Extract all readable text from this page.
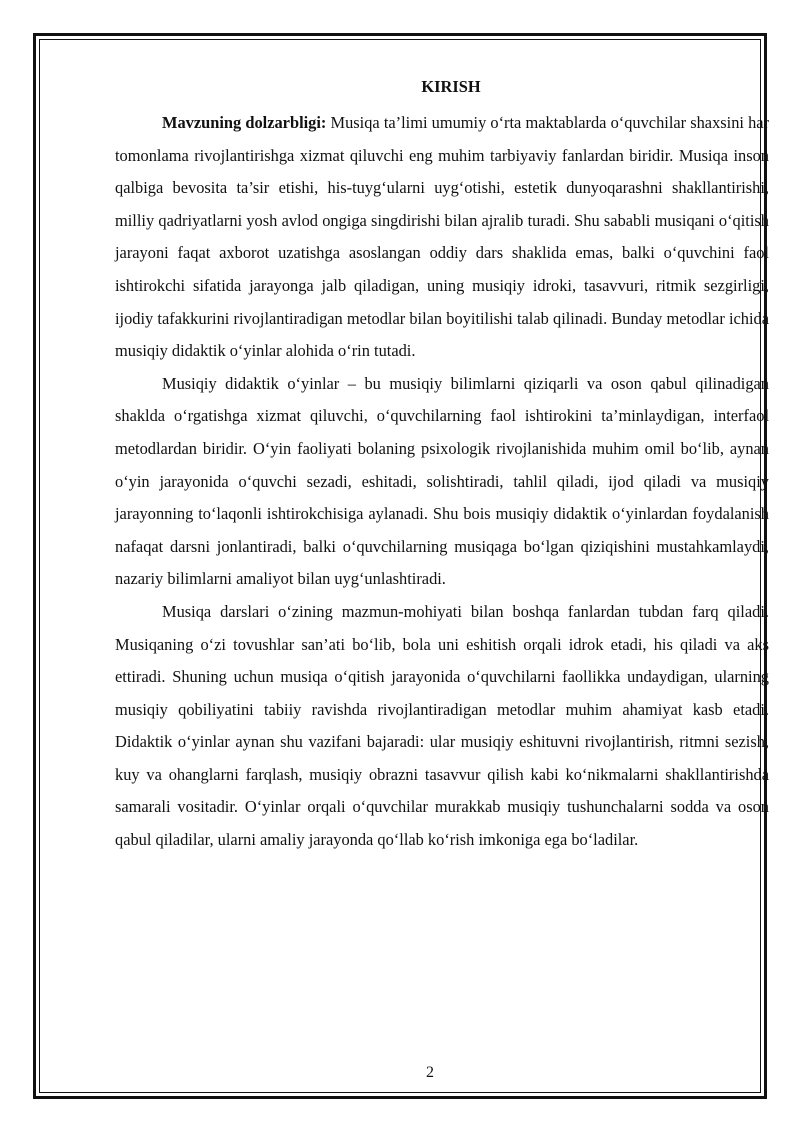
KIRISH

Mavzuning dolzarbligi: Musiqa ta’limi umumiy o‘rta maktablarda o‘quvchilar shaxsini har tomonlama rivojlantirishga xizmat qiluvchi eng muhim tarbiyaviy fanlardan biridir. Musiqa inson qalbiga bevosita ta’sir etishi, his-tuyg‘ularni uyg‘otishi, estetik dunyoqarashni shakllantirishi, milliy qadriyatlarni yosh avlod ongiga singdirishi bilan ajralib turadi. Shu sababli musiqani o‘qitish jarayoni faqat axborot uzatishga asoslangan oddiy dars shaklida emas, balki o‘quvchini faol ishtirokchi sifatida jarayonga jalb qiladigan, uning musiqiy idroki, tasavvuri, ritmik sezgirligi, ijodiy tafakkurini rivojlantiradigan metodlar bilan boyitilishi talab qilinadi. Bunday metodlar ichida musiqiy didaktik o‘yinlar alohida o‘rin tutadi.

Musiqiy didaktik o‘yinlar – bu musiqiy bilimlarni qiziqarli va oson qabul qilinadigan shaklda o‘rgatishga xizmat qiluvchi, o‘quvchilarning faol ishtirokini ta’minlaydigan, interfaol metodlardan biridir. O‘yin faoliyati bolaning psixologik rivojlanishida muhim omil bo‘lib, aynan o‘yin jarayonida o‘quvchi sezadi, eshitadi, solishtiradi, tahlil qiladi, ijod qiladi va musiqiy jarayonning to‘laqonli ishtirokchisiga aylanadi. Shu bois musiqiy didaktik o‘yinlardan foydalanish nafaqat darsni jonlantiradi, balki o‘quvchilarning musiqaga bo‘lgan qiziqishini mustahkamlaydi, nazariy bilimlarni amaliyot bilan uyg‘unlashtiradi.

Musiqa darslari o‘zining mazmun-mohiyati bilan boshqa fanlardan tubdan farq qiladi. Musiqaning o‘zi tovushlar san’ati bo‘lib, bola uni eshitish orqali idrok etadi, his qiladi va aks ettiradi. Shuning uchun musiqa o‘qitish jarayonida o‘quvchilarni faollikka undaydigan, ularning musiqiy qobiliyatini tabiiy ravishda rivojlantiradigan metodlar muhim ahamiyat kasb etadi. Didaktik o‘yinlar aynan shu vazifani bajaradi: ular musiqiy eshituvni rivojlantirish, ritmni sezish, kuy va ohanglarni farqlash, musiqiy obrazni tasavvur qilish kabi ko‘nikmalarni shakllantirishda samarali vositadir. O‘yinlar orqali o‘quvchilar murakkab musiqiy tushunchalarni sodda va oson qabul qiladilar, ularni amaliy jarayonda qo‘llab ko‘rish imkoniga ega bo‘ladilar.

2
